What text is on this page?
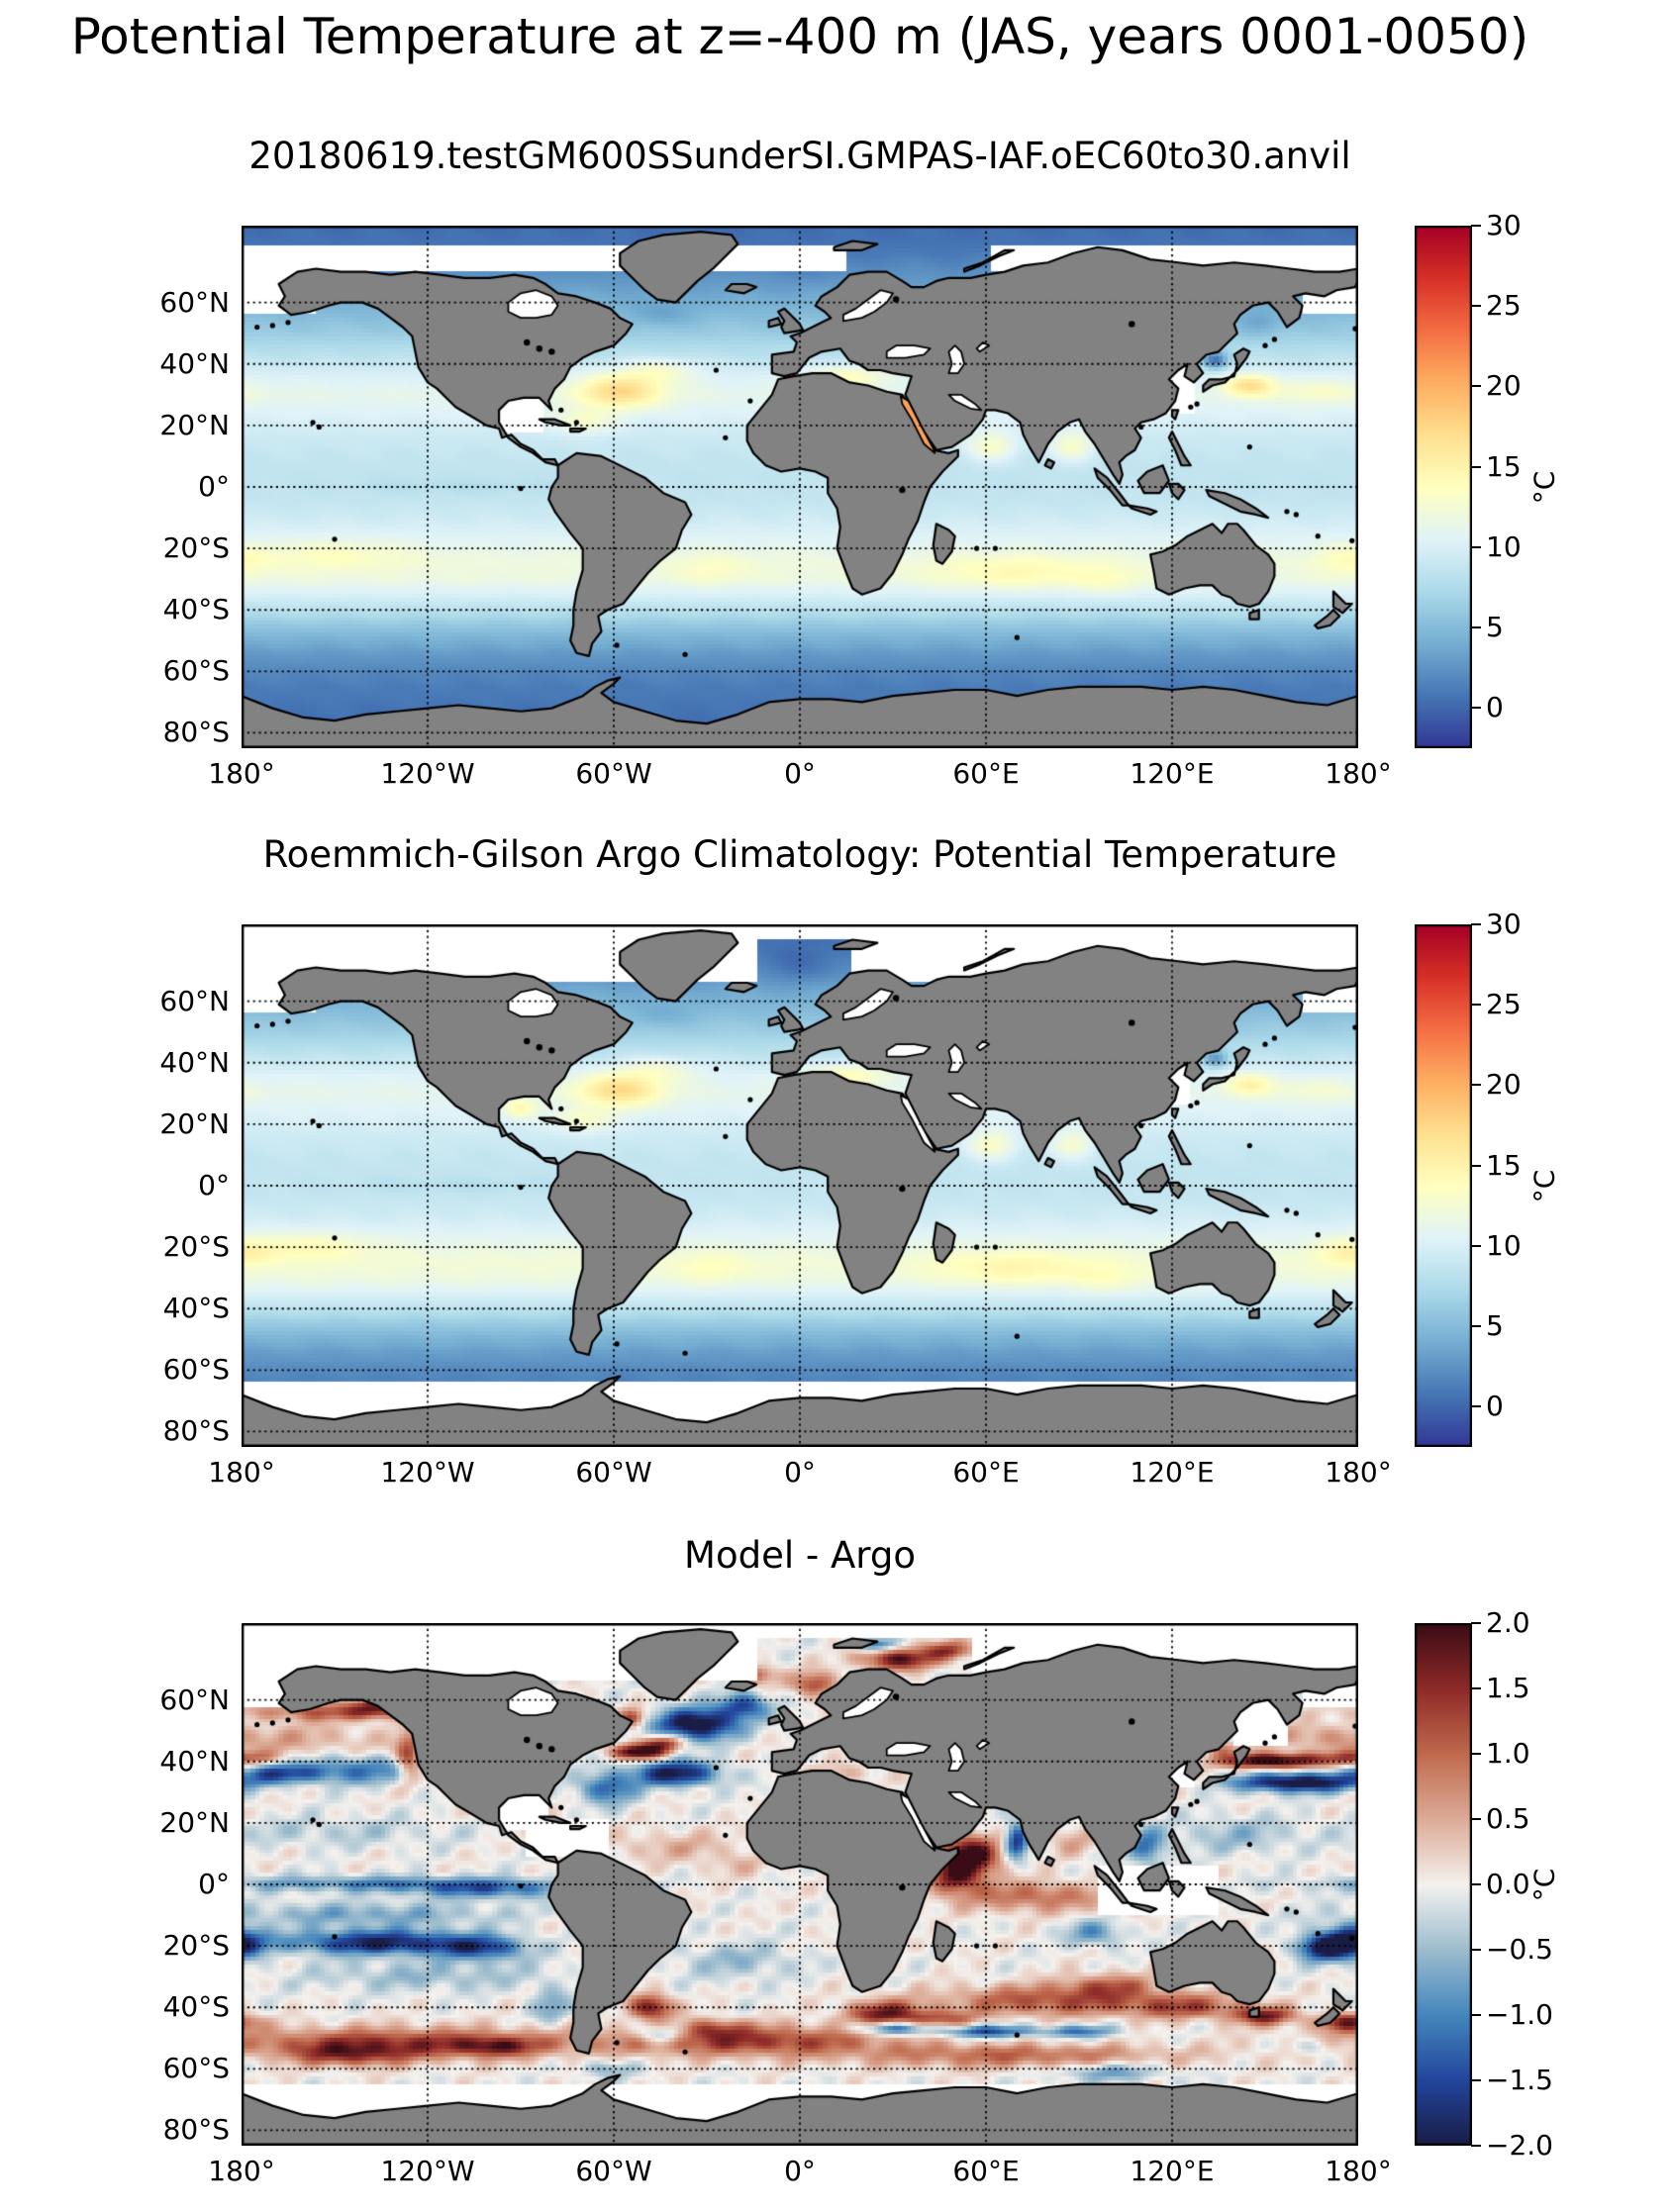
Potential Temperature at z=-400 m (JAS, years 0001-0050)
20180619.testGM600SSunderSI.GMPAS-IAF.oEC60to30.anvil
°C
Roemmich-Gilson Argo Climatology: Potential Temperature
°C
Model - Argo
°C
60°N
40°N
20°N
0°
20°S
40°S
60°S
80°S
180°	120°W	60°W	0°	60°E	120°E	180°
30
25
20
15
10
5
0
60°N
40°N
20°N
0°
20°S
40°S
60°S
80°S
180°	120°W	60°W	0°	60°E	120°E	180°
30
25
20
15
10
5
0
60°N
40°N
20°N
0°
20°S
40°S
60°S
80°S
180°	120°W	60°W	0°	60°E	120°E	180°
2.0
1.5
1.0
0.5
0.0
−0.5
−1.0
−1.5
−2.0
